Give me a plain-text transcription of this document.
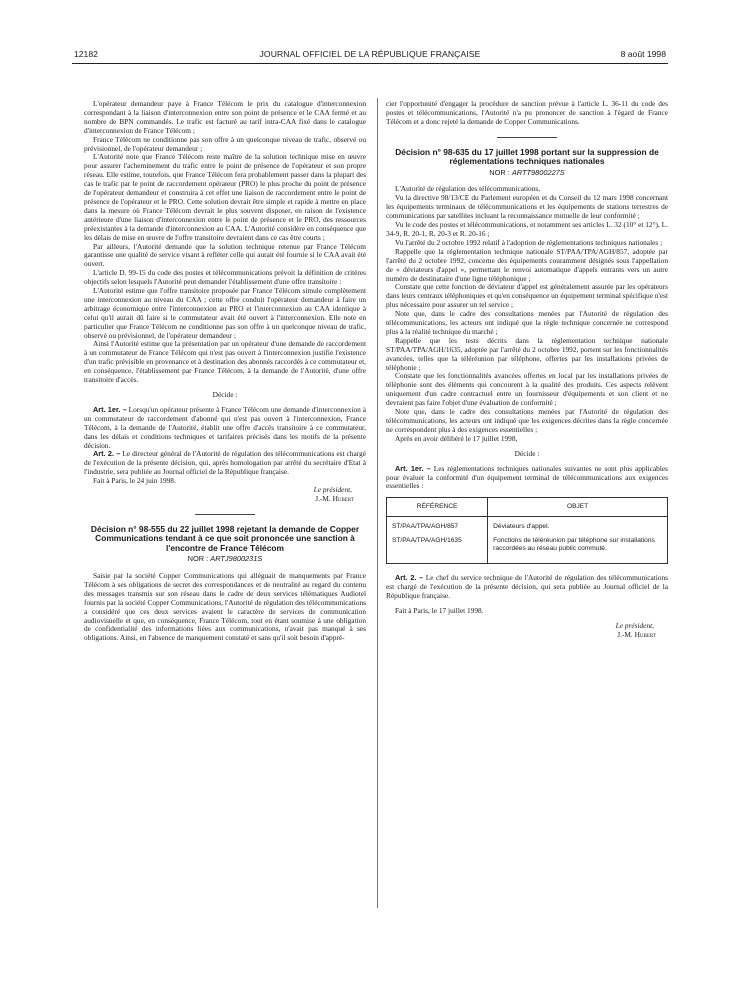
12182	JOURNAL OFFICIEL DE LA RÉPUBLIQUE FRANÇAISE	8 août 1998

L'opérateur demandeur paye à France Télécom le prix du catalogue d'interconnexion correspondant à la liaison d'interconnexion entre son point de présence et le CAA fermé et au nombre de BPN commandés. Le trafic est facturé au tarif intra-CAA fixé dans le catalogue d'interconnexion de France Télécom ;

France Télécom ne conditionne pas son offre à un quelconque niveau de trafic, observé ou prévisionnel, de l'opérateur demandeur ;

L'Autorité note que France Télécom reste maître de la solution technique mise en œuvre pour assurer l'acheminement du trafic entre le point de présence de l'opérateur et son propre réseau. Elle estime, toutefois, que France Télécom fera probablement passer dans la plupart des cas le trafic par le point de raccordement opérateur (PRO) le plus proche du point de présence de l'opérateur demandeur et construira à cet effet une liaison de raccordement entre le point de présence de l'opérateur et le PRO. Cette solution devrait être simple et rapide à mettre en place dans la mesure où France Télécom devrait le plus souvent disposer, en raison de l'existence antérieure d'une liaison d'interconnexion entre le point de présence et le PRO, des ressources préexistantes à la demande d'interconnexion au CAA. L'Autorité considère en conséquence que les délais de mise en œuvre de l'offre transitoire devraient dans ce cas être courts ;

Par ailleurs, l'Autorité demande que la solution technique retenue par France Télécom garantisse une qualité de service visant à refléter celle qui aurait été fournie si le CAA avait été ouvert.

L'article D. 99-15 du code des postes et télécommunications prévoit la définition de critères objectifs selon lesquels l'Autorité peut demander l'établissement d'une offre transitoire :

L'Autorité estime que l'offre transitoire proposée par France Télécom simule complètement une interconnexion au niveau du CAA ; cette offre conduit l'opérateur demandeur à faire un arbitrage économique entre l'interconnexion au PRO et l'interconnexion au CAA identique à celui qu'il aurait dû faire si le commutateur avait été ouvert à l'interconnexion. Elle note en particulier que France Télécom ne conditionne pas son offre à un quelconque niveau de trafic, observé ou prévisionnel, de l'opérateur demandeur ;

Ainsi l'Autorité estime que la présentation par un opérateur d'une demande de raccordement à un commutateur de France Télécom qui n'est pas ouvert à l'interconnexion justifie l'existence d'un trafic prévisible en provenance et à destination des abonnés raccordés à ce commutateur et, en conséquence, l'établissement par France Télécom, à la demande de l'Autorité, d'une offre transitoire d'accès.

Décide :

Art. 1er. – Lorsqu'un opérateur présente à France Télécom une demande d'interconnexion à un commutateur de raccordement d'abonné qui n'est pas ouvert à l'interconnexion, France Télécom, à la demande de l'Autorité, établit une offre d'accès transitoire à ce commutateur, dans les délais et conditions techniques et tarifaires précisés dans les motifs de la présente décision.

Art. 2. – Le directeur général de l'Autorité de régulation des télécommunications est chargé de l'exécution de la présente décision, qui, après homologation par arrêté du secrétaire d'Etat à l'industrie, sera publiée au Journal officiel de la République française.

Fait à Paris, le 24 juin 1998.

Le président,

J.-M. Hubert

Décision n° 98-555 du 22 juillet 1998 rejetant la demande de Copper Communications tendant à ce que soit prononcée une sanction à l'encontre de France Télécom
NOR : ARTJ9800231S

Saisie par la société Copper Communications qui alléguait de manquements par France Télécom à ses obligations de secret des correspondances et de neutralité au regard du contenu des messages transmis sur son réseau dans le cadre de deux services télématiques Audiotel fournis par la société Copper Communications, l'Autorité de régulation des télécommunications a considéré que ces deux services avaient le caractère de services de communication audiovisuelle et que, en conséquence, France Télécom, tout en étant soumise à une obligation de confidentialité des informations liées aux communications, n'avait pas manqué à ses obligations. Ainsi, en l'absence de manquement constaté et sans qu'il soit besoin d'appré-

cier l'opportunité d'engager la procédure de sanction prévue à l'article L. 36-11 du code des postes et télécommunications, l'Autorité n'a pu prononcer de sanction à l'égard de France Télécom et a donc rejeté la demande de Copper Communications.

Décision n° 98-635 du 17 juillet 1998 portant sur la suppression de réglementations techniques nationales
NOR : ARTT9800227S

L'Autorité de régulation des télécommunications,

Vu la directive 98/13/CE du Parlement européen et du Conseil du 12 mars 1998 concernant les équipements terminaux de télécommunications et les équipements de stations terrestres de communications par satellites incluant la reconnaissance mutuelle de leur conformité ;

Vu le code des postes et télécommunications, et notamment ses articles L. 32 (10° et 12°), L. 34-9, R. 20-1, R. 20-3 et R. 20-16 ;

Vu l'arrêté du 2 octobre 1992 relatif à l'adoption de réglementations techniques nationales ;

Rappelle que la réglementation technique nationale ST/PAA/TPA/AGH/857, adoptée par l'arrêté du 2 octobre 1992, concerne des équipements couramment désignés sous l'appellation de « déviateurs d'appel », permettant le renvoi automatique d'appels entrants vers un autre numéro de destinataire d'une ligne téléphonique ;

Constate que cette fonction de déviateur d'appel est généralement assurée par les opérateurs dans leurs centraux téléphoniques et qu'en conséquence un équipement terminal spécifique n'est plus nécessaire pour assurer un tel service ;

Note que, dans le cadre des consultations menées par l'Autorité de régulation des télécommunications, les acteurs ont indiqué que la règle technique concernée ne correspond plus à la réalité technique du marché ;

Rappelle que les tests décrits dans la réglementation technique nationale ST/PAA/TPA/AGH/1635, adoptée par l'arrêté du 2 octobre 1992, portent sur les fonctionnalités avancées, telles que la téléréunion par téléphone, offertes par les installations privées de téléphonie ;

Constate que les fonctionnalités avancées offertes en local par les installations privées de téléphonie sont des éléments qui concourent à la qualité des produits. Ces aspects relèvent uniquement d'un cadre contractuel entre un fournisseur d'équipements et son client et ne devraient pas faire l'objet d'une évaluation de conformité ;

Note que, dans le cadre des consultations menées par l'Autorité de régulation des télécommunications, les acteurs ont indiqué que les exigences décrites dans la règle concernée ne correspondent plus à des exigences essentielles ;

Après en avoir délibéré le 17 juillet 1998,

Décide :

Art. 1er. – Les réglementations techniques nationales suivantes ne sont plus applicables pour évaluer la conformité d'un équipement terminal de télécommunications aux exigences essentielles :

RÉFÉRENCE	OBJET
ST/PAA/TPA/AGH/857	Déviateurs d'appel.
ST/PAA/TPA/AGH/1635	Fonctions de téléréunion par téléphone sur installations raccordées au réseau public commuté.

Art. 2. – Le chef du service technique de l'Autorité de régulation des télécommunications est chargé de l'exécution de la présente décision, qui sera publiée au Journal officiel de la République française.

Fait à Paris, le 17 juillet 1998.

Le président,

J.-M. Hubert
